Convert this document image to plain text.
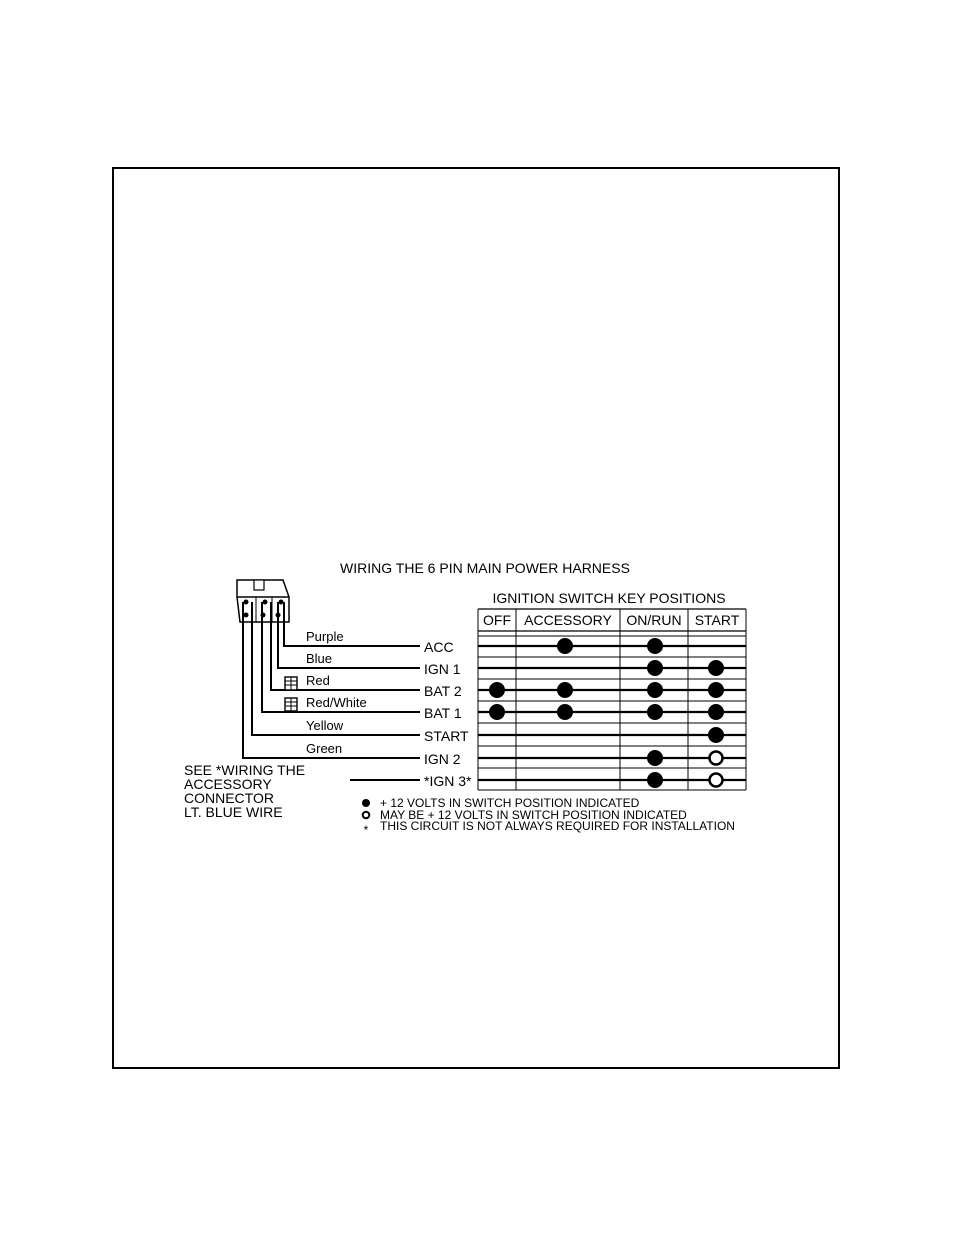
WIRING THE 6 PIN MAIN POWER HARNESS
IGNITION SWITCH KEY POSITIONS
Purple
Blue
Red
Red/White
Yellow
Green
ACC
IGN 1
BAT 2
BAT 1
START
IGN 2
*IGN 3*
OFF ACCESSORY ON/RUN START
SEE *WIRING THE
ACCESSORY
CONNECTOR
LT. BLUE WIRE
+ 12 VOLTS IN SWITCH POSITION INDICATED
MAY BE + 12 VOLTS IN SWITCH POSITION INDICATED
* THIS CIRCUIT IS NOT ALWAYS REQUIRED FOR INSTALLATION
